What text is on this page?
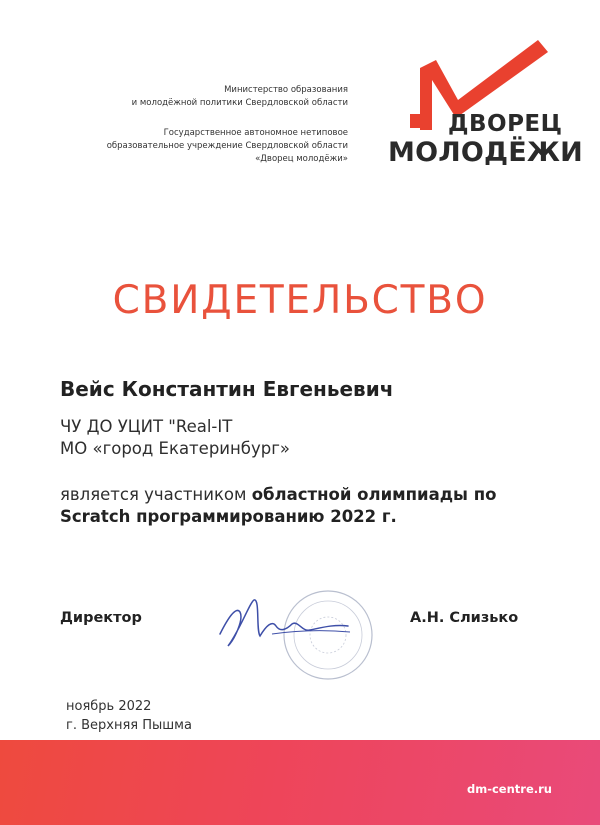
Министерство образования
и молодёжной политики Свердловской области
Государственное автономное нетиповое
образовательное учреждение Свердловской области
«Дворец молодёжи»
ДВОРЕЦ
МОЛОДЁЖИ
СВИДЕТЕЛЬСТВО
Вейс Константин Евгеньевич
ЧУ ДО УЦИТ "Real-IT
МО «город Екатеринбург»
является участником областной олимпиады по
Scratch программированию 2022 г.
Директор	А.Н. Слизько
ноябрь 2022
г. Верхняя Пышма
dm-centre.ru
